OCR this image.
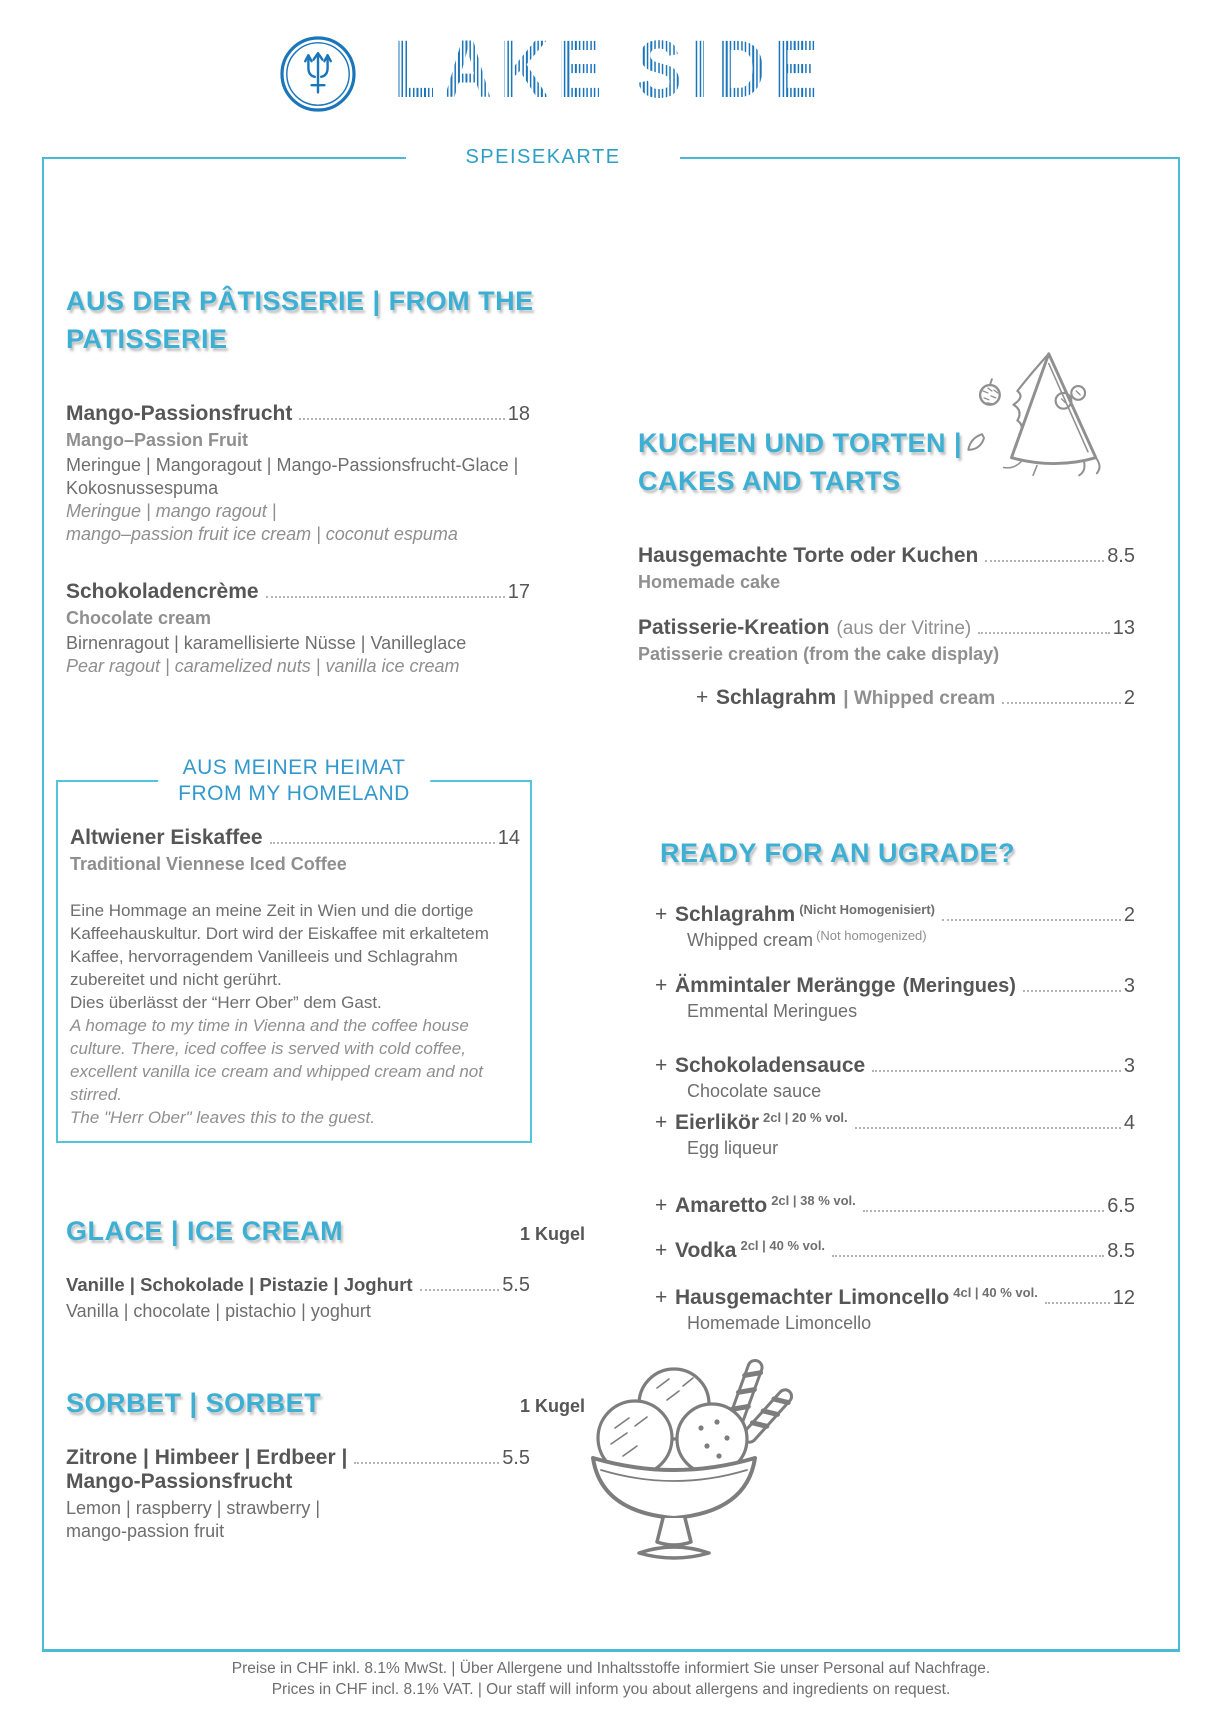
LAKE SIDE
SPEISEKARTE
AUS DER PÂTISSERIE | FROM THE
PATISSERIE
Mango-Passionsfrucht	18
Mango–Passion Fruit
Meringue | Mangoragout | Mango-Passionsfrucht-Glace | Kokosnussespuma
Meringue | mango ragout |
mango–passion fruit ice cream | coconut espuma
Schokoladencrème	17
Chocolate cream
Birnenragout | karamellisierte Nüsse | Vanilleglace
Pear ragout | caramelized nuts | vanilla ice cream
AUS MEINER HEIMAT
FROM MY HOMELAND
Altwiener Eiskaffee	14
Traditional Viennese Iced Coffee
Eine Hommage an meine Zeit in Wien und die dortige Kaffeehauskultur. Dort wird der Eiskaffee mit erkaltetem Kaffee, hervorragendem Vanilleeis und Schlagrahm zubereitet und nicht gerührt.
Dies überlässt der “Herr Ober” dem Gast.
A homage to my time in Vienna and the coffee house culture. There, iced coffee is served with cold coffee, excellent vanilla ice cream and whipped cream and not stirred.
The "Herr Ober" leaves this to the guest.
GLACE | ICE CREAM	1 Kugel
Vanille | Schokolade | Pistazie | Joghurt	5.5
Vanilla | chocolate | pistachio | yoghurt
SORBET | SORBET	1 Kugel
Zitrone | Himbeer | Erdbeer |	5.5
Mango-Passionsfrucht
Lemon | raspberry | strawberry |
mango-passion fruit
KUCHEN UND TORTEN |
CAKES AND TARTS
Hausgemachte Torte oder Kuchen	8.5
Homemade cake
Patisserie-Kreation (aus der Vitrine)	13
Patisserie creation (from the cake display)
+ Schlagrahm | Whipped cream	2
READY FOR AN UGRADE?
+ Schlagrahm (Nicht Homogenisiert)	2
Whipped cream $^{(Not homogenized)}$
+ Ämmintaler Merängge (Meringues)	3
Emmental Meringues
+ Schokoladensauce	3
Chocolate sauce
+ Eierlikör 2cl | 20 % vol.	4
Egg liqueur
+ Amaretto 2cl | 38 % vol.	6.5
+ Vodka 2cl | 40 % vol.	8.5
+ Hausgemachter Limoncello 4cl | 40 % vol.	12
Homemade Limoncello
Preise in CHF inkl. 8.1% MwSt. | Über Allergene und Inhaltsstoffe informiert Sie unser Personal auf Nachfrage.
Prices in CHF incl. 8.1% VAT. | Our staff will inform you about allergens and ingredients on request.
